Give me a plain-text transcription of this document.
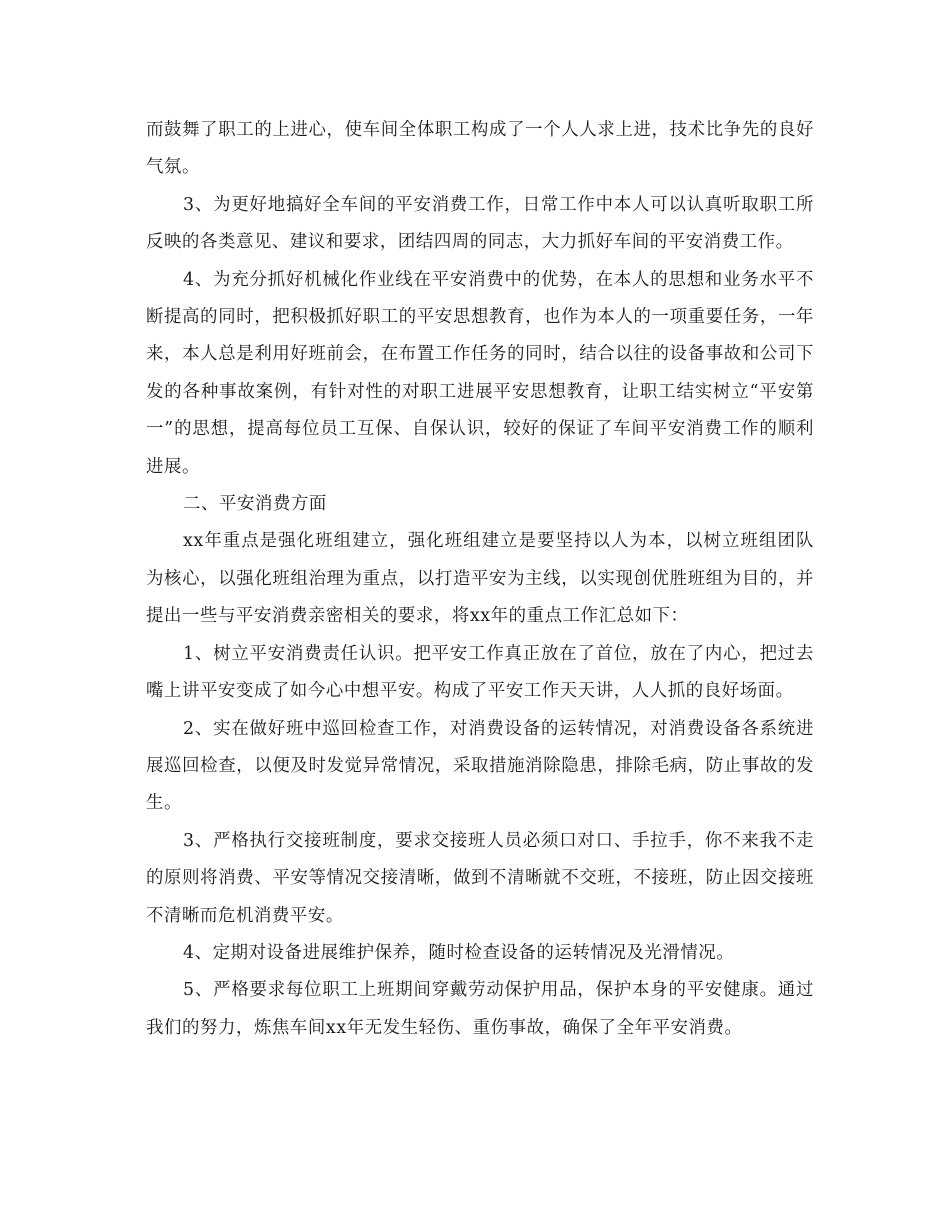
而鼓舞了职工的上进心，使车间全体职工构成了一个人人求上进，技术比争先的良好气氛。

3、为更好地搞好全车间的平安消费工作，日常工作中本人可以认真听取职工所反映的各类意见、建议和要求，团结四周的同志，大力抓好车间的平安消费工作。

4、为充分抓好机械化作业线在平安消费中的优势，在本人的思想和业务水平不断提高的同时，把积极抓好职工的平安思想教育，也作为本人的一项重要任务，一年来，本人总是利用好班前会，在布置工作任务的同时，结合以往的设备事故和公司下发的各种事故案例，有针对性的对职工进展平安思想教育，让职工结实树立“平安第一”的思想，提高每位员工互保、自保认识，较好的保证了车间平安消费工作的顺利进展。

二、平安消费方面

xx年重点是强化班组建立，强化班组建立是要坚持以人为本，以树立班组团队为核心，以强化班组治理为重点，以打造平安为主线，以实现创优胜班组为目的，并提出一些与平安消费亲密相关的要求，将xx年的重点工作汇总如下：

1、树立平安消费责任认识。把平安工作真正放在了首位，放在了内心，把过去嘴上讲平安变成了如今心中想平安。构成了平安工作天天讲，人人抓的良好场面。

2、实在做好班中巡回检查工作，对消费设备的运转情况，对消费设备各系统进展巡回检查，以便及时发觉异常情况，采取措施消除隐患，排除毛病，防止事故的发生。

3、严格执行交接班制度，要求交接班人员必须口对口、手拉手，你不来我不走的原则将消费、平安等情况交接清晰，做到不清晰就不交班，不接班，防止因交接班不清晰而危机消费平安。

4、定期对设备进展维护保养，随时检查设备的运转情况及光滑情况。

5、严格要求每位职工上班期间穿戴劳动保护用品，保护本身的平安健康。通过我们的努力，炼焦车间xx年无发生轻伤、重伤事故，确保了全年平安消费。
